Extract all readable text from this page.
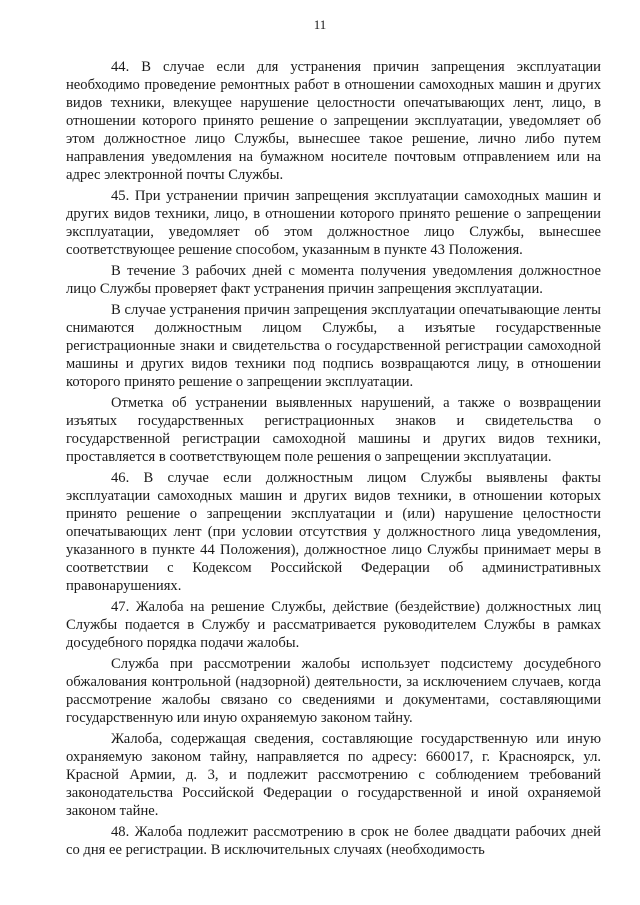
11

44. В случае если для устранения причин запрещения эксплуатации необходимо проведение ремонтных работ в отношении самоходных машин и других видов техники, влекущее нарушение целостности опечатывающих лент, лицо, в отношении которого принято решение о запрещении эксплуатации, уведомляет об этом должностное лицо Службы, вынесшее такое решение, лично либо путем направления уведомления на бумажном носителе почтовым отправлением или на адрес электронной почты Службы.

45. При устранении причин запрещения эксплуатации самоходных машин и других видов техники, лицо, в отношении которого принято решение о запрещении эксплуатации, уведомляет об этом должностное лицо Службы, вынесшее соответствующее решение способом, указанным в пункте 43 Положения.

В течение 3 рабочих дней с момента получения уведомления должностное лицо Службы проверяет факт устранения причин запрещения эксплуатации.

В случае устранения причин запрещения эксплуатации опечатывающие ленты снимаются должностным лицом Службы, а изъятые государственные регистрационные знаки и свидетельства о государственной регистрации самоходной машины и других видов техники под подпись возвращаются лицу, в отношении которого принято решение о запрещении эксплуатации.

Отметка об устранении выявленных нарушений, а также о возвращении изъятых государственных регистрационных знаков и свидетельства о государственной регистрации самоходной машины и других видов техники, проставляется в соответствующем поле решения о запрещении эксплуатации.

46. В случае если должностным лицом Службы выявлены факты эксплуатации самоходных машин и других видов техники, в отношении которых принято решение о запрещении эксплуатации и (или) нарушение целостности опечатывающих лент (при условии отсутствия у должностного лица уведомления, указанного в пункте 44 Положения), должностное лицо Службы принимает меры в соответствии с Кодексом Российской Федерации об административных правонарушениях.

47. Жалоба на решение Службы, действие (бездействие) должностных лиц Службы подается в Службу и рассматривается руководителем Службы в рамках досудебного порядка подачи жалобы.

Служба при рассмотрении жалобы использует подсистему досудебного обжалования контрольной (надзорной) деятельности, за исключением случаев, когда рассмотрение жалобы связано со сведениями и документами, составляющими государственную или иную охраняемую законом тайну.

Жалоба, содержащая сведения, составляющие государственную или иную охраняемую законом тайну, направляется по адресу: 660017, г. Красноярск, ул. Красной Армии, д. 3, и подлежит рассмотрению с соблюдением требований законодательства Российской Федерации о государственной и иной охраняемой законом тайне.

48. Жалоба подлежит рассмотрению в срок не более двадцати рабочих дней со дня ее регистрации. В исключительных случаях (необходимость
